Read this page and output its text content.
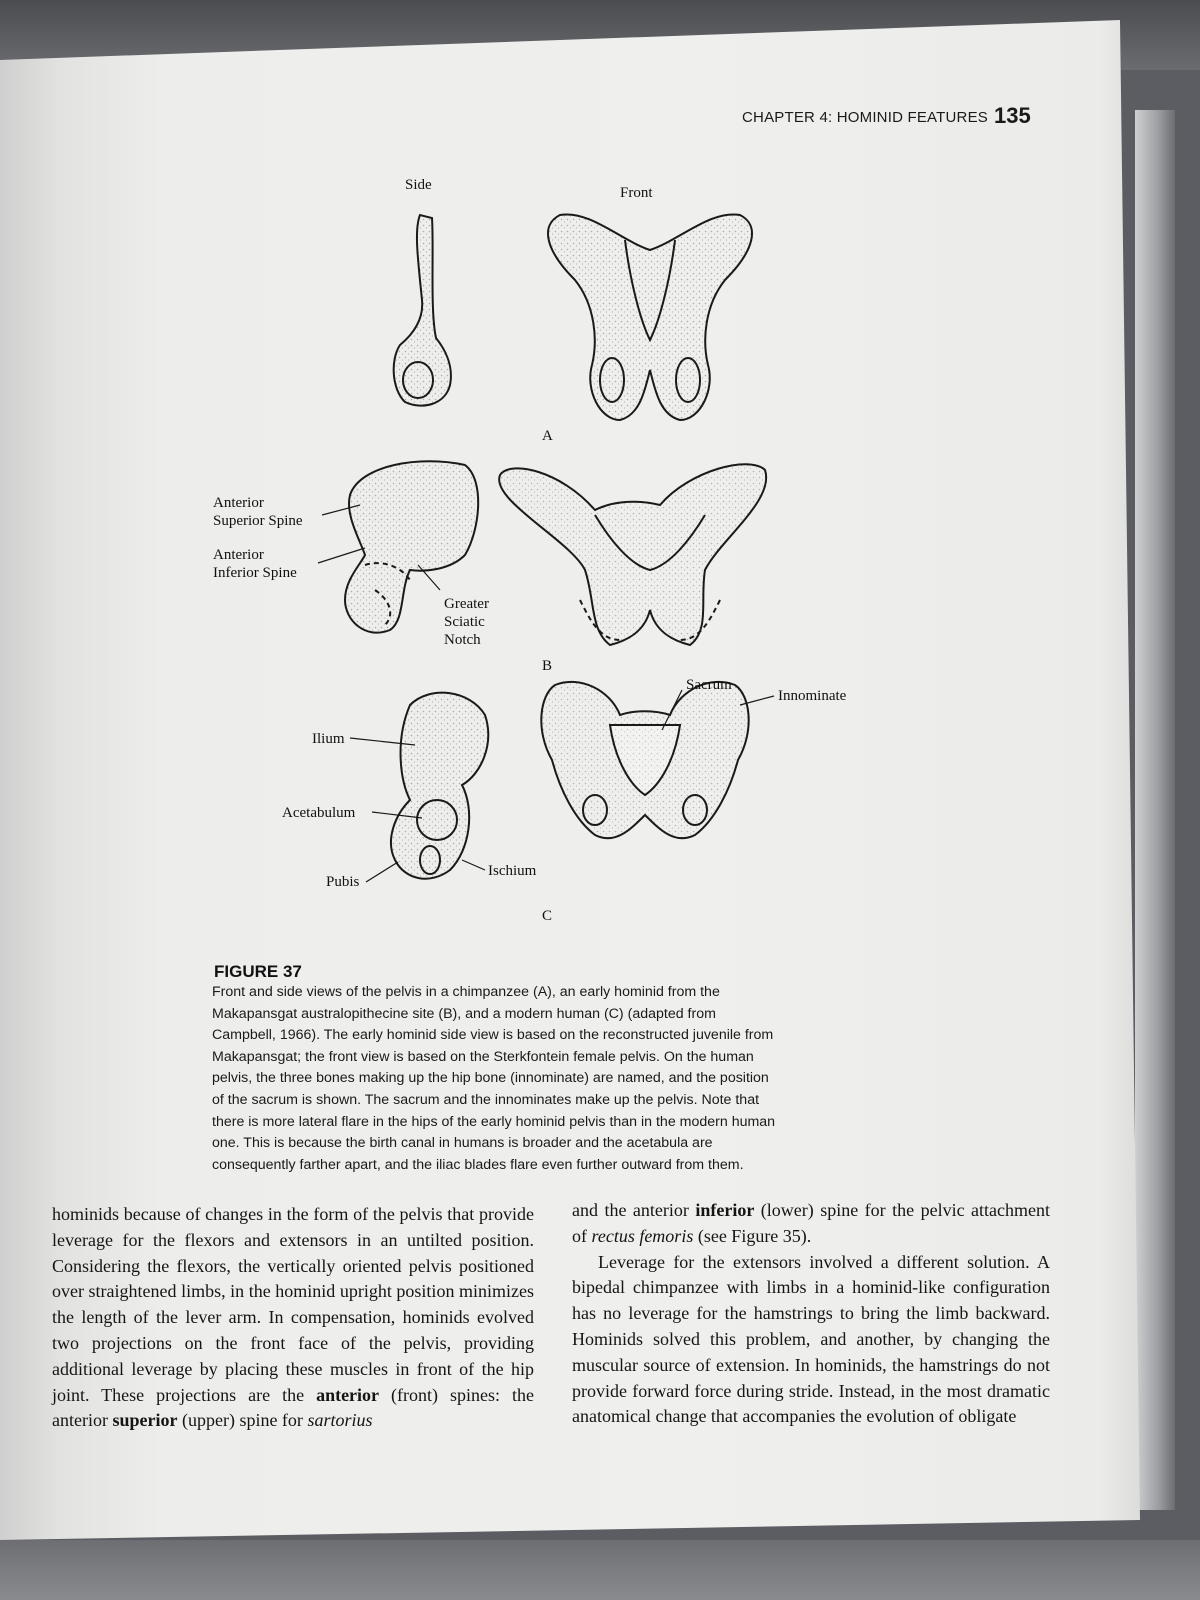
CHAPTER 4: HOMINID FEATURES 135
Side	Front
A
B
C
Anterior
Superior Spine
Anterior
Inferior Spine
Greater
Sciatic
Notch
Ilium
Acetabulum
Pubis
Ischium
Sacrum
Innominate
FIGURE 37
Front and side views of the pelvis in a chimpanzee (A), an early hominid from the
Makapansgat australopithecine site (B), and a modern human (C) (adapted from
Campbell, 1966). The early hominid side view is based on the reconstructed juvenile from
Makapansgat; the front view is based on the Sterkfontein female pelvis. On the human
pelvis, the three bones making up the hip bone (innominate) are named, and the position
of the sacrum is shown. The sacrum and the innominates make up the pelvis. Note that
there is more lateral flare in the hips of the early hominid pelvis than in the modern human
one. This is because the birth canal in humans is broader and the acetabula are
consequently farther apart, and the iliac blades flare even further outward from them.
hominids because of changes in the form of the pelvis that provide leverage for the flexors and extensors in an untilted position. Considering the flexors, the vertically oriented pelvis positioned over straightened limbs, in the hominid upright position minimizes the length of the lever arm. In compensation, hominids evolved two projections on the front face of the pelvis, providing additional leverage by placing these muscles in front of the hip joint. These projections are the anterior (front) spines: the anterior superior (upper) spine for sartorius
and the anterior inferior (lower) spine for the pelvic attachment of rectus femoris (see Figure 35).
Leverage for the extensors involved a different solution. A bipedal chimpanzee with limbs in a hominid-like configuration has no leverage for the hamstrings to bring the limb backward. Hominids solved this problem, and another, by changing the muscular source of extension. In hominids, the hamstrings do not provide forward force during stride. Instead, in the most dramatic anatomical change that accompanies the evolution of obligate
